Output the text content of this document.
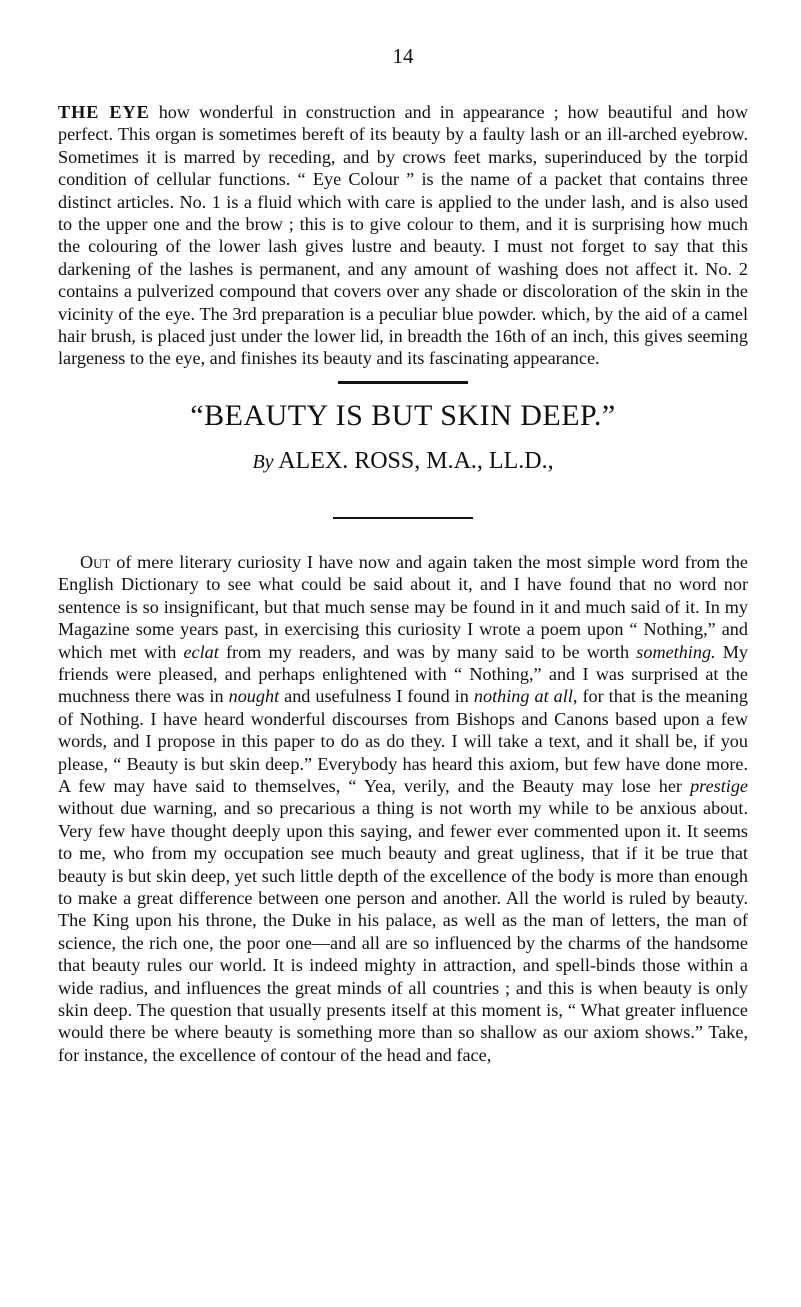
14

THE EYE how wonderful in construction and in appearance ; how beautiful and how perfect. This organ is sometimes bereft of its beauty by a faulty lash or an ill-arched eyebrow. Sometimes it is marred by receding, and by crows feet marks, superinduced by the torpid condition of cellular functions. “ Eye Colour ” is the name of a packet that contains three distinct articles. No. 1 is a fluid which with care is applied to the under lash, and is also used to the upper one and the brow ; this is to give colour to them, and it is surprising how much the colouring of the lower lash gives lustre and beauty. I must not forget to say that this darkening of the lashes is permanent, and any amount of washing does not affect it. No. 2 contains a pulverized compound that covers over any shade or discoloration of the skin in the vicinity of the eye. The 3rd preparation is a peculiar blue powder. which, by the aid of a camel hair brush, is placed just under the lower lid, in breadth the 16th of an inch, this gives seeming largeness to the eye, and finishes its beauty and its fascinating appearance.

“BEAUTY IS BUT SKIN DEEP.”
By ALEX. ROSS, M.A., LL.D.,

Out of mere literary curiosity I have now and again taken the most simple word from the English Dictionary to see what could be said about it, and I have found that no word nor sentence is so insignificant, but that much sense may be found in it and much said of it. In my Magazine some years past, in exercising this curiosity I wrote a poem upon “ Nothing,” and which met with eclat from my readers, and was by many said to be worth something. My friends were pleased, and perhaps enlightened with “ Nothing,” and I was surprised at the muchness there was in nought and usefulness I found in nothing at all, for that is the meaning of Nothing. I have heard wonderful discourses from Bishops and Canons based upon a few words, and I propose in this paper to do as do they. I will take a text, and it shall be, if you please, “ Beauty is but skin deep.” Everybody has heard this axiom, but few have done more. A few may have said to themselves, “ Yea, verily, and the Beauty may lose her prestige without due warning, and so precarious a thing is not worth my while to be anxious about. Very few have thought deeply upon this saying, and fewer ever commented upon it. It seems to me, who from my occupation see much beauty and great ugliness, that if it be true that beauty is but skin deep, yet such little depth of the excellence of the body is more than enough to make a great difference between one person and another. All the world is ruled by beauty. The King upon his throne, the Duke in his palace, as well as the man of letters, the man of science, the rich one, the poor one—and all are so influenced by the charms of the handsome that beauty rules our world. It is indeed mighty in attraction, and spell-binds those within a wide radius, and influences the great minds of all countries ; and this is when beauty is only skin deep. The question that usually presents itself at this moment is, “ What greater influence would there be where beauty is something more than so shallow as our axiom shows.” Take, for instance, the excellence of contour of the head and face,
